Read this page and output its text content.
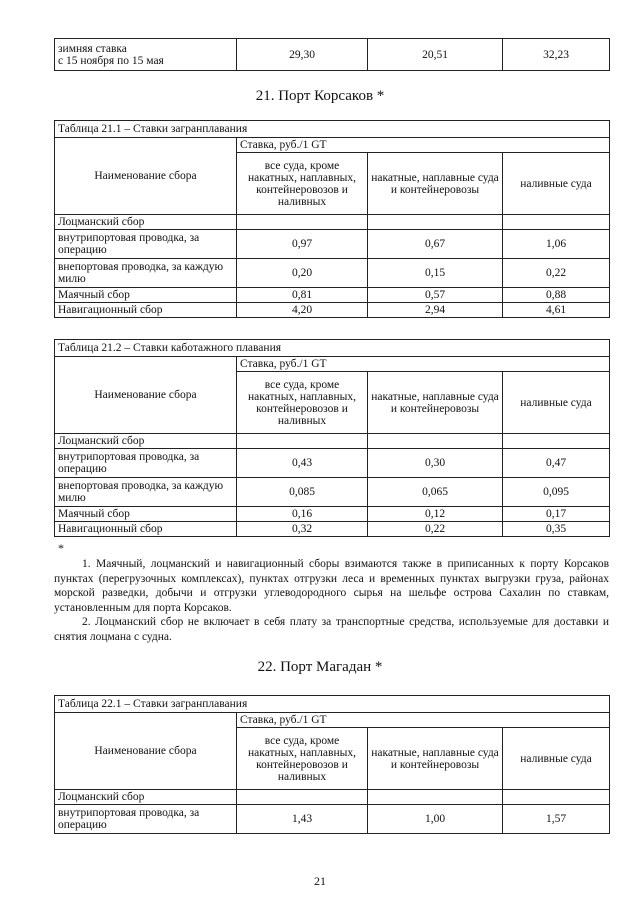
зимняя ставка
с 15 ноября по 15 мая	29,30	20,51	32,23
21. Порт Корсаков *
Таблица 21.1 – Ставки загранплавания			
Наименование сбора	Ставка, руб./1 GT		
	все суда, кроме накатных, наплавных, контейнеровозов и наливных	накатные, наплавные суда и контейнеровозы	наливные суда
Лоцманский сбор			
внутрипортовая проводка, за операцию	0,97	0,67	1,06
внепортовая проводка, за каждую милю	0,20	0,15	0,22
Маячный сбор	0,81	0,57	0,88
Навигационный сбор	4,20	2,94	4,61
Таблица 21.2 – Ставки каботажного плавания			
Наименование сбора	Ставка, руб./1 GT		
	все суда, кроме накатных, наплавных, контейнеровозов и наливных	накатные, наплавные суда и контейнеровозы	наливные суда
Лоцманский сбор			
внутрипортовая проводка, за операцию	0,43	0,30	0,47
внепортовая проводка, за каждую милю	0,085	0,065	0,095
Маячный сбор	0,16	0,12	0,17
Навигационный сбор	0,32	0,22	0,35
*

1. Маячный, лоцманский и навигационный сборы взимаются также в приписанных к порту Корсаков пунктах (перегрузочных комплексах), пунктах отгрузки леса и временных пунктах выгрузки груза, районах морской разведки, добычи и отгрузки углеводородного сырья на шельфе острова Сахалин по ставкам, установленным для порта Корсаков.

2. Лоцманский сбор не включает в себя плату за транспортные средства, используемые для доставки и снятия лоцмана с судна.

22. Порт Магадан *
Таблица 22.1 – Ставки загранплавания			
Наименование сбора	Ставка, руб./1 GT		
	все суда, кроме накатных, наплавных, контейнеровозов и наливных	накатные, наплавные суда и контейнеровозы	наливные суда
Лоцманский сбор			
внутрипортовая проводка, за операцию	1,43	1,00	1,57
21
